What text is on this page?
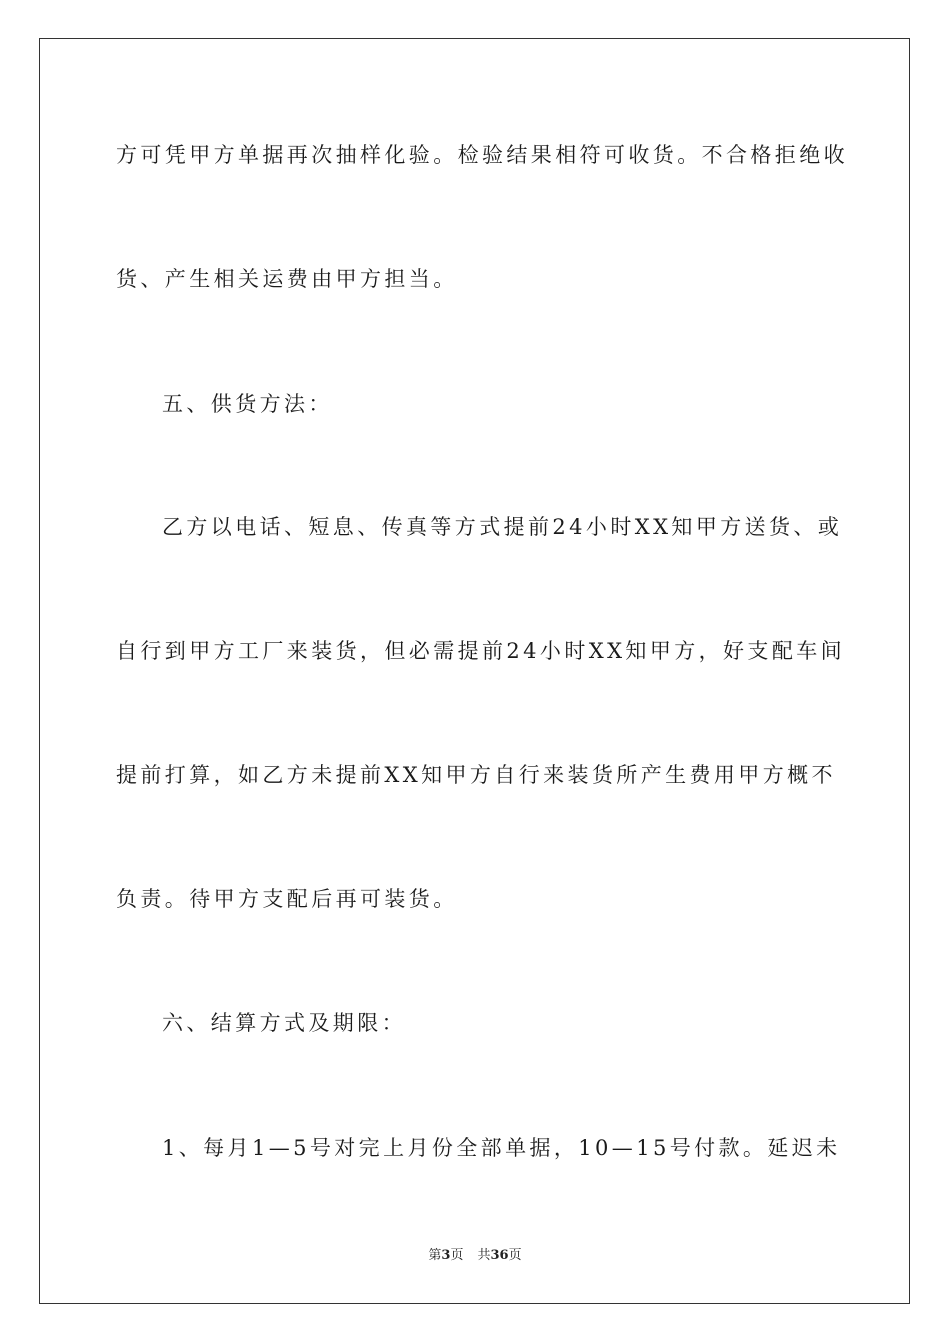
方可凭甲方单据再次抽样化验。检验结果相符可收货。不合格拒绝收
货、产生相关运费由甲方担当。
五、供货方法：
乙方以电话、短息、传真等方式提前24小时XX知甲方送货、或
自行到甲方工厂来装货，但必需提前24小时XX知甲方，好支配车间
提前打算，如乙方未提前XX知甲方自行来装货所产生费用甲方概不
负责。待甲方支配后再可装货。
六、结算方式及期限：
1、每月1—5号对完上月份全部单据，10—15号付款。延迟未
第3页 共36页
